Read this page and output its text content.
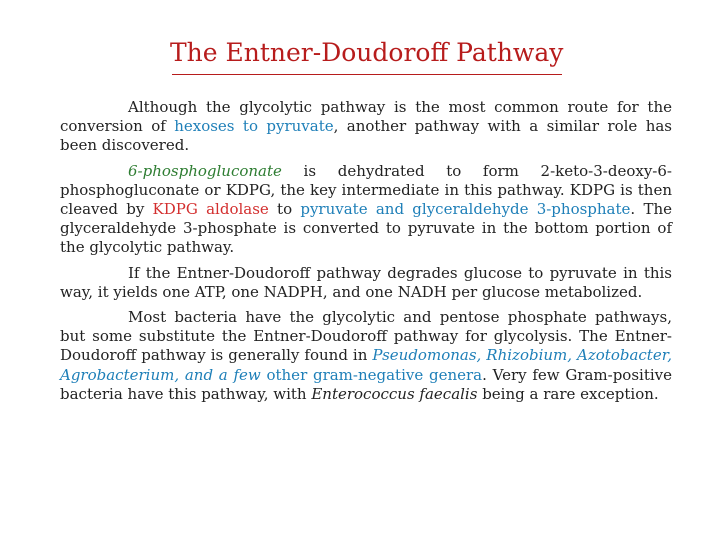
The Entner-Doudoroff Pathway

Although the glycolytic pathway is the most common route for the conversion of hexoses to pyruvate, another pathway with a similar role has been discovered.

6-phosphogluconate is dehydrated to form 2-keto-3-deoxy-6-phosphogluconate or KDPG, the key intermediate in this pathway. KDPG is then cleaved by KDPG aldolase to pyruvate and glyceraldehyde 3-phosphate. The glyceraldehyde 3-phosphate is converted to pyruvate in the bottom portion of the glycolytic pathway.

If the Entner-Doudoroff pathway degrades glucose to pyruvate in this way, it yields one ATP, one NADPH, and one NADH per glucose metabolized.

Most bacteria have the glycolytic and pentose phosphate pathways, but some substitute the Entner-Doudoroff pathway for glycolysis. The Entner-Doudoroff pathway is generally found in Pseudomonas, Rhizobium, Azotobacter, Agrobacterium, and a few other gram-negative genera. Very few Gram-positive bacteria have this pathway, with Enterococcus faecalis being a rare exception.
